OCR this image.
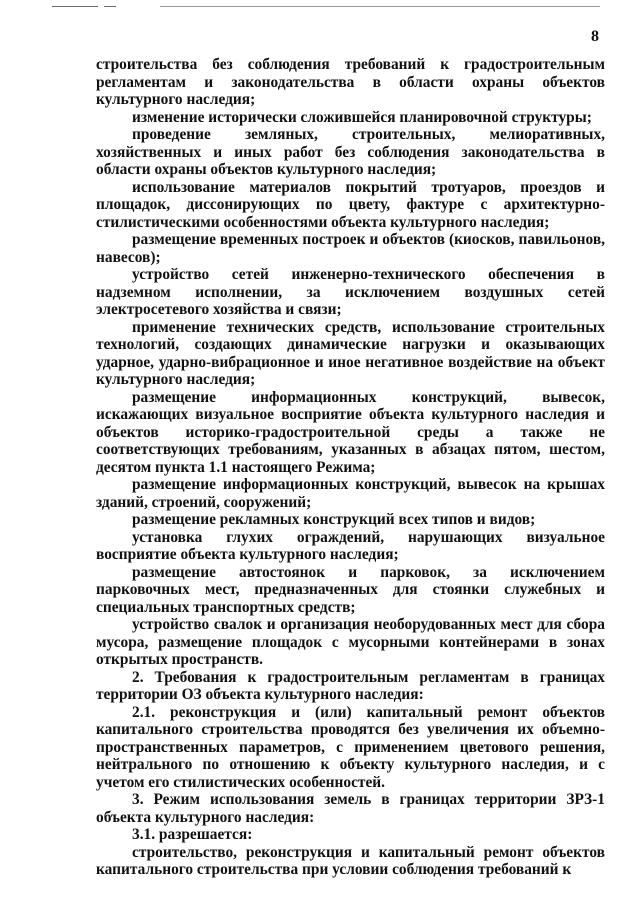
8

строительства без соблюдения требований к градостроительным регламентам и законодательства в области охраны объектов культурного наследия;

изменение исторически сложившейся планировочной структуры;

проведение земляных, строительных, мелиоративных, хозяйственных и иных работ без соблюдения законодательства в области охраны объектов культурного наследия;

использование материалов покрытий тротуаров, проездов и площадок, диссонирующих по цвету, фактуре с архитектурно-стилистическими особенностями объекта культурного наследия;

размещение временных построек и объектов (киосков, павильонов, навесов);

устройство сетей инженерно-технического обеспечения в надземном исполнении, за исключением воздушных сетей электросетевого хозяйства и связи;

применение технических средств, использование строительных технологий, создающих динамические нагрузки и оказывающих ударное, ударно-вибрационное и иное негативное воздействие на объект культурного наследия;

размещение информационных конструкций, вывесок, искажающих визуальное восприятие объекта культурного наследия и объектов историко-градостроительной среды а также не соответствующих требованиям, указанных в абзацах пятом, шестом, десятом пункта 1.1 настоящего Режима;

размещение информационных конструкций, вывесок на крышах зданий, строений, сооружений;

размещение рекламных конструкций всех типов и видов;

установка глухих ограждений, нарушающих визуальное восприятие объекта культурного наследия;

размещение автостоянок и парковок, за исключением парковочных мест, предназначенных для стоянки служебных и специальных транспортных средств;

устройство свалок и организация необорудованных мест для сбора мусора, размещение площадок с мусорными контейнерами в зонах открытых пространств.

2. Требования к градостроительным регламентам в границах территории ОЗ объекта культурного наследия:

2.1. реконструкция и (или) капитальный ремонт объектов капитального строительства проводятся без увеличения их объемно-пространственных параметров, с применением цветового решения, нейтрального по отношению к объекту культурного наследия, и с учетом его стилистических особенностей.

3. Режим использования земель в границах территории ЗРЗ-1 объекта культурного наследия:

3.1. разрешается:

строительство, реконструкция и капитальный ремонт объектов капитального строительства при условии соблюдения требований к
